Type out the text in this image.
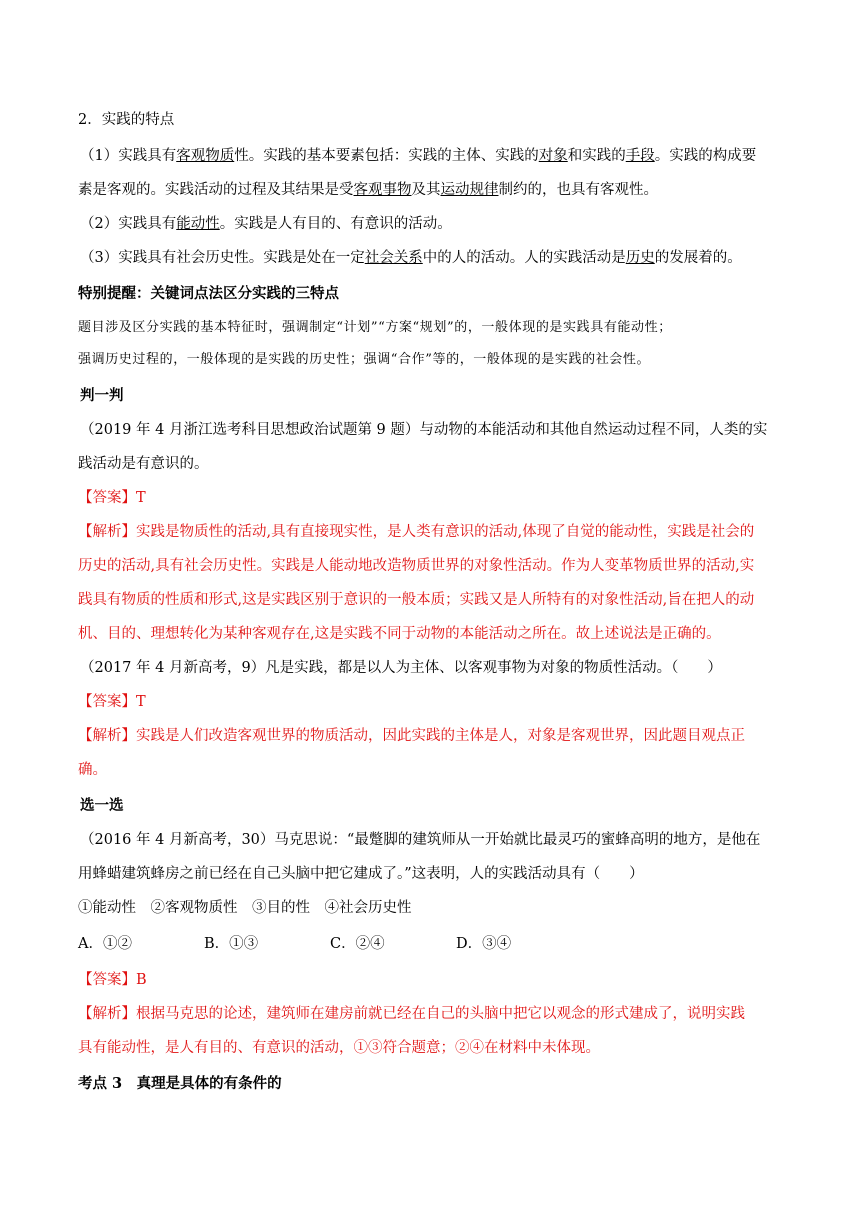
2．实践的特点
（1）实践具有客观物质性。实践的基本要素包括：实践的主体、实践的对象和实践的手段。实践的构成要
素是客观的。实践活动的过程及其结果是受客观事物及其运动规律制约的，也具有客观性。
（2）实践具有能动性。实践是人有目的、有意识的活动。
（3）实践具有社会历史性。实践是处在一定社会关系中的人的活动。人的实践活动是历史的发展着的。
特别提醒：关键词点法区分实践的三特点
题目涉及区分实践的基本特征时，强调制定“计划”“方案“规划”的，一般体现的是实践具有能动性；
强调历史过程的，一般体现的是实践的历史性；强调“合作”等的，一般体现的是实践的社会性。
判一判
（2019 年 4 月浙江选考科目思想政治试题第 9 题）与动物的本能活动和其他自然运动过程不同，人类的实
践活动是有意识的。
【答案】T
【解析】实践是物质性的活动,具有直接现实性，是人类有意识的活动,体现了自觉的能动性，实践是社会的
历史的活动,具有社会历史性。实践是人能动地改造物质世界的对象性活动。作为人变革物质世界的活动,实
践具有物质的性质和形式,这是实践区别于意识的一般本质；实践又是人所特有的对象性活动,旨在把人的动
机、目的、理想转化为某种客观存在,这是实践不同于动物的本能活动之所在。故上述说法是正确的。
（2017 年 4 月新高考，9）凡是实践，都是以人为主体、以客观事物为对象的物质性活动。（　　）
【答案】T
【解析】实践是人们改造客观世界的物质活动，因此实践的主体是人，对象是客观世界，因此题目观点正
确。
选一选
（2016 年 4 月新高考，30）马克思说：“最蹩脚的建筑师从一开始就比最灵巧的蜜蜂高明的地方，是他在
用蜂蜡建筑蜂房之前已经在自己头脑中把它建成了。”这表明，人的实践活动具有（　　）
①能动性　②客观物质性　③目的性　④社会历史性
A．①②	B．①③	C．②④	D．③④
【答案】B
【解析】根据马克思的论述，建筑师在建房前就已经在自己的头脑中把它以观念的形式建成了，说明实践
具有能动性，是人有目的、有意识的活动，①③符合题意；②④在材料中未体现。
考点 3　真理是具体的有条件的
